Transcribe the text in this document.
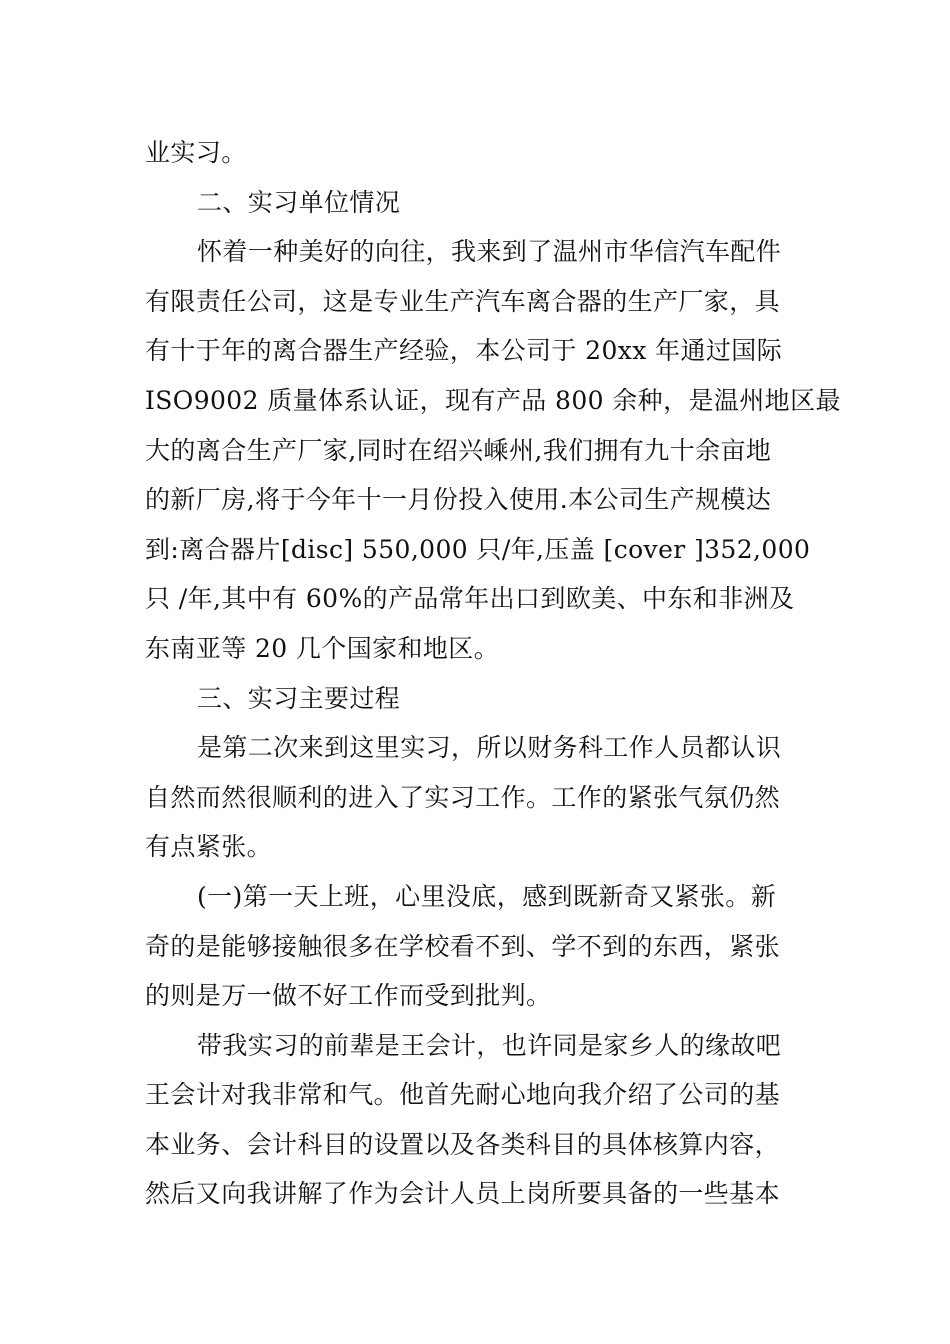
业实习。
二、实习单位情况
怀着一种美好的向往，我来到了温州市华信汽车配件
有限责任公司，这是专业生产汽车离合器的生产厂家，具
有十于年的离合器生产经验，本公司于 20xx 年通过国际
ISO9002 质量体系认证，现有产品 800 余种，是温州地区最
大的离合生产厂家,同时在绍兴嵊州,我们拥有九十余亩地
的新厂房,将于今年十一月份投入使用.本公司生产规模达
到:离合器片[disc] 550,000 只/年,压盖 [cover ]352,000
只 /年,其中有 60%的产品常年出口到欧美、中东和非洲及
东南亚等 20 几个国家和地区。
三、实习主要过程
是第二次来到这里实习，所以财务科工作人员都认识
自然而然很顺利的进入了实习工作。工作的紧张气氛仍然
有点紧张。
(一)第一天上班，心里没底，感到既新奇又紧张。新
奇的是能够接触很多在学校看不到、学不到的东西，紧张
的则是万一做不好工作而受到批判。
带我实习的前辈是王会计，也许同是家乡人的缘故吧
王会计对我非常和气。他首先耐心地向我介绍了公司的基
本业务、会计科目的设置以及各类科目的具体核算内容，
然后又向我讲解了作为会计人员上岗所要具备的一些基本
